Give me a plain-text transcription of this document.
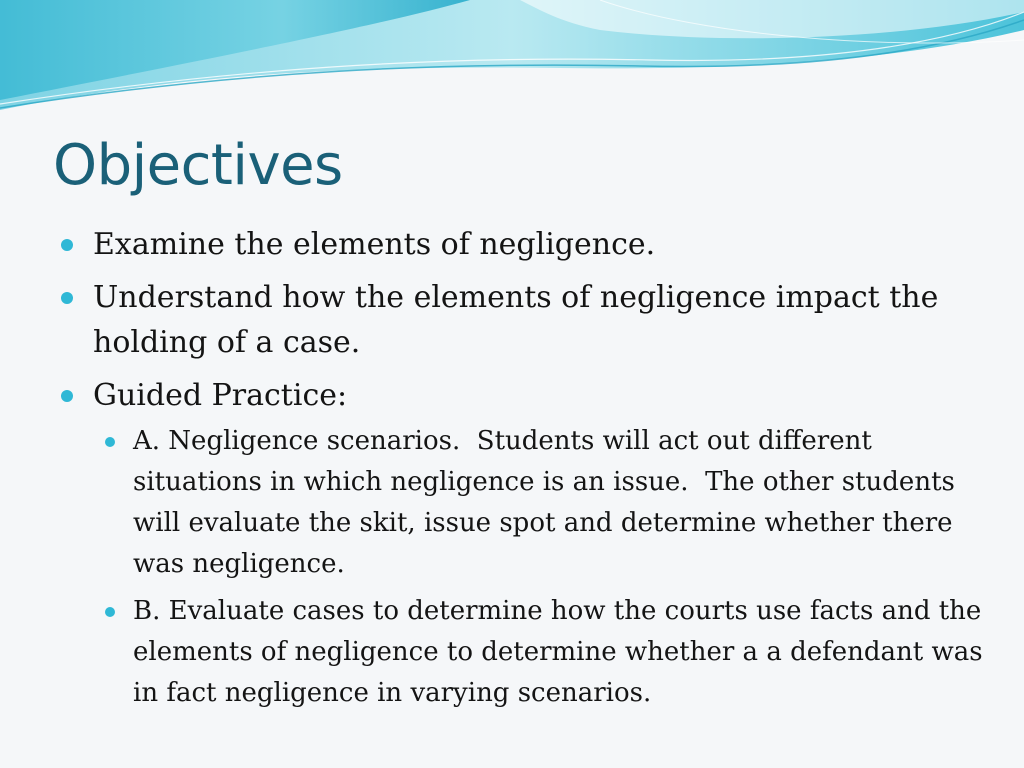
Objectives
Examine the elements of negligence.
Understand how the elements of negligence impact the holding of a case.
Guided Practice:
A. Negligence scenarios.  Students will act out different situations in which negligence is an issue.  The other students will evaluate the skit, issue spot and determine whether there was negligence.
B. Evaluate cases to determine how the courts use facts and the elements of negligence to determine whether a a defendant was in fact negligence in varying scenarios.
